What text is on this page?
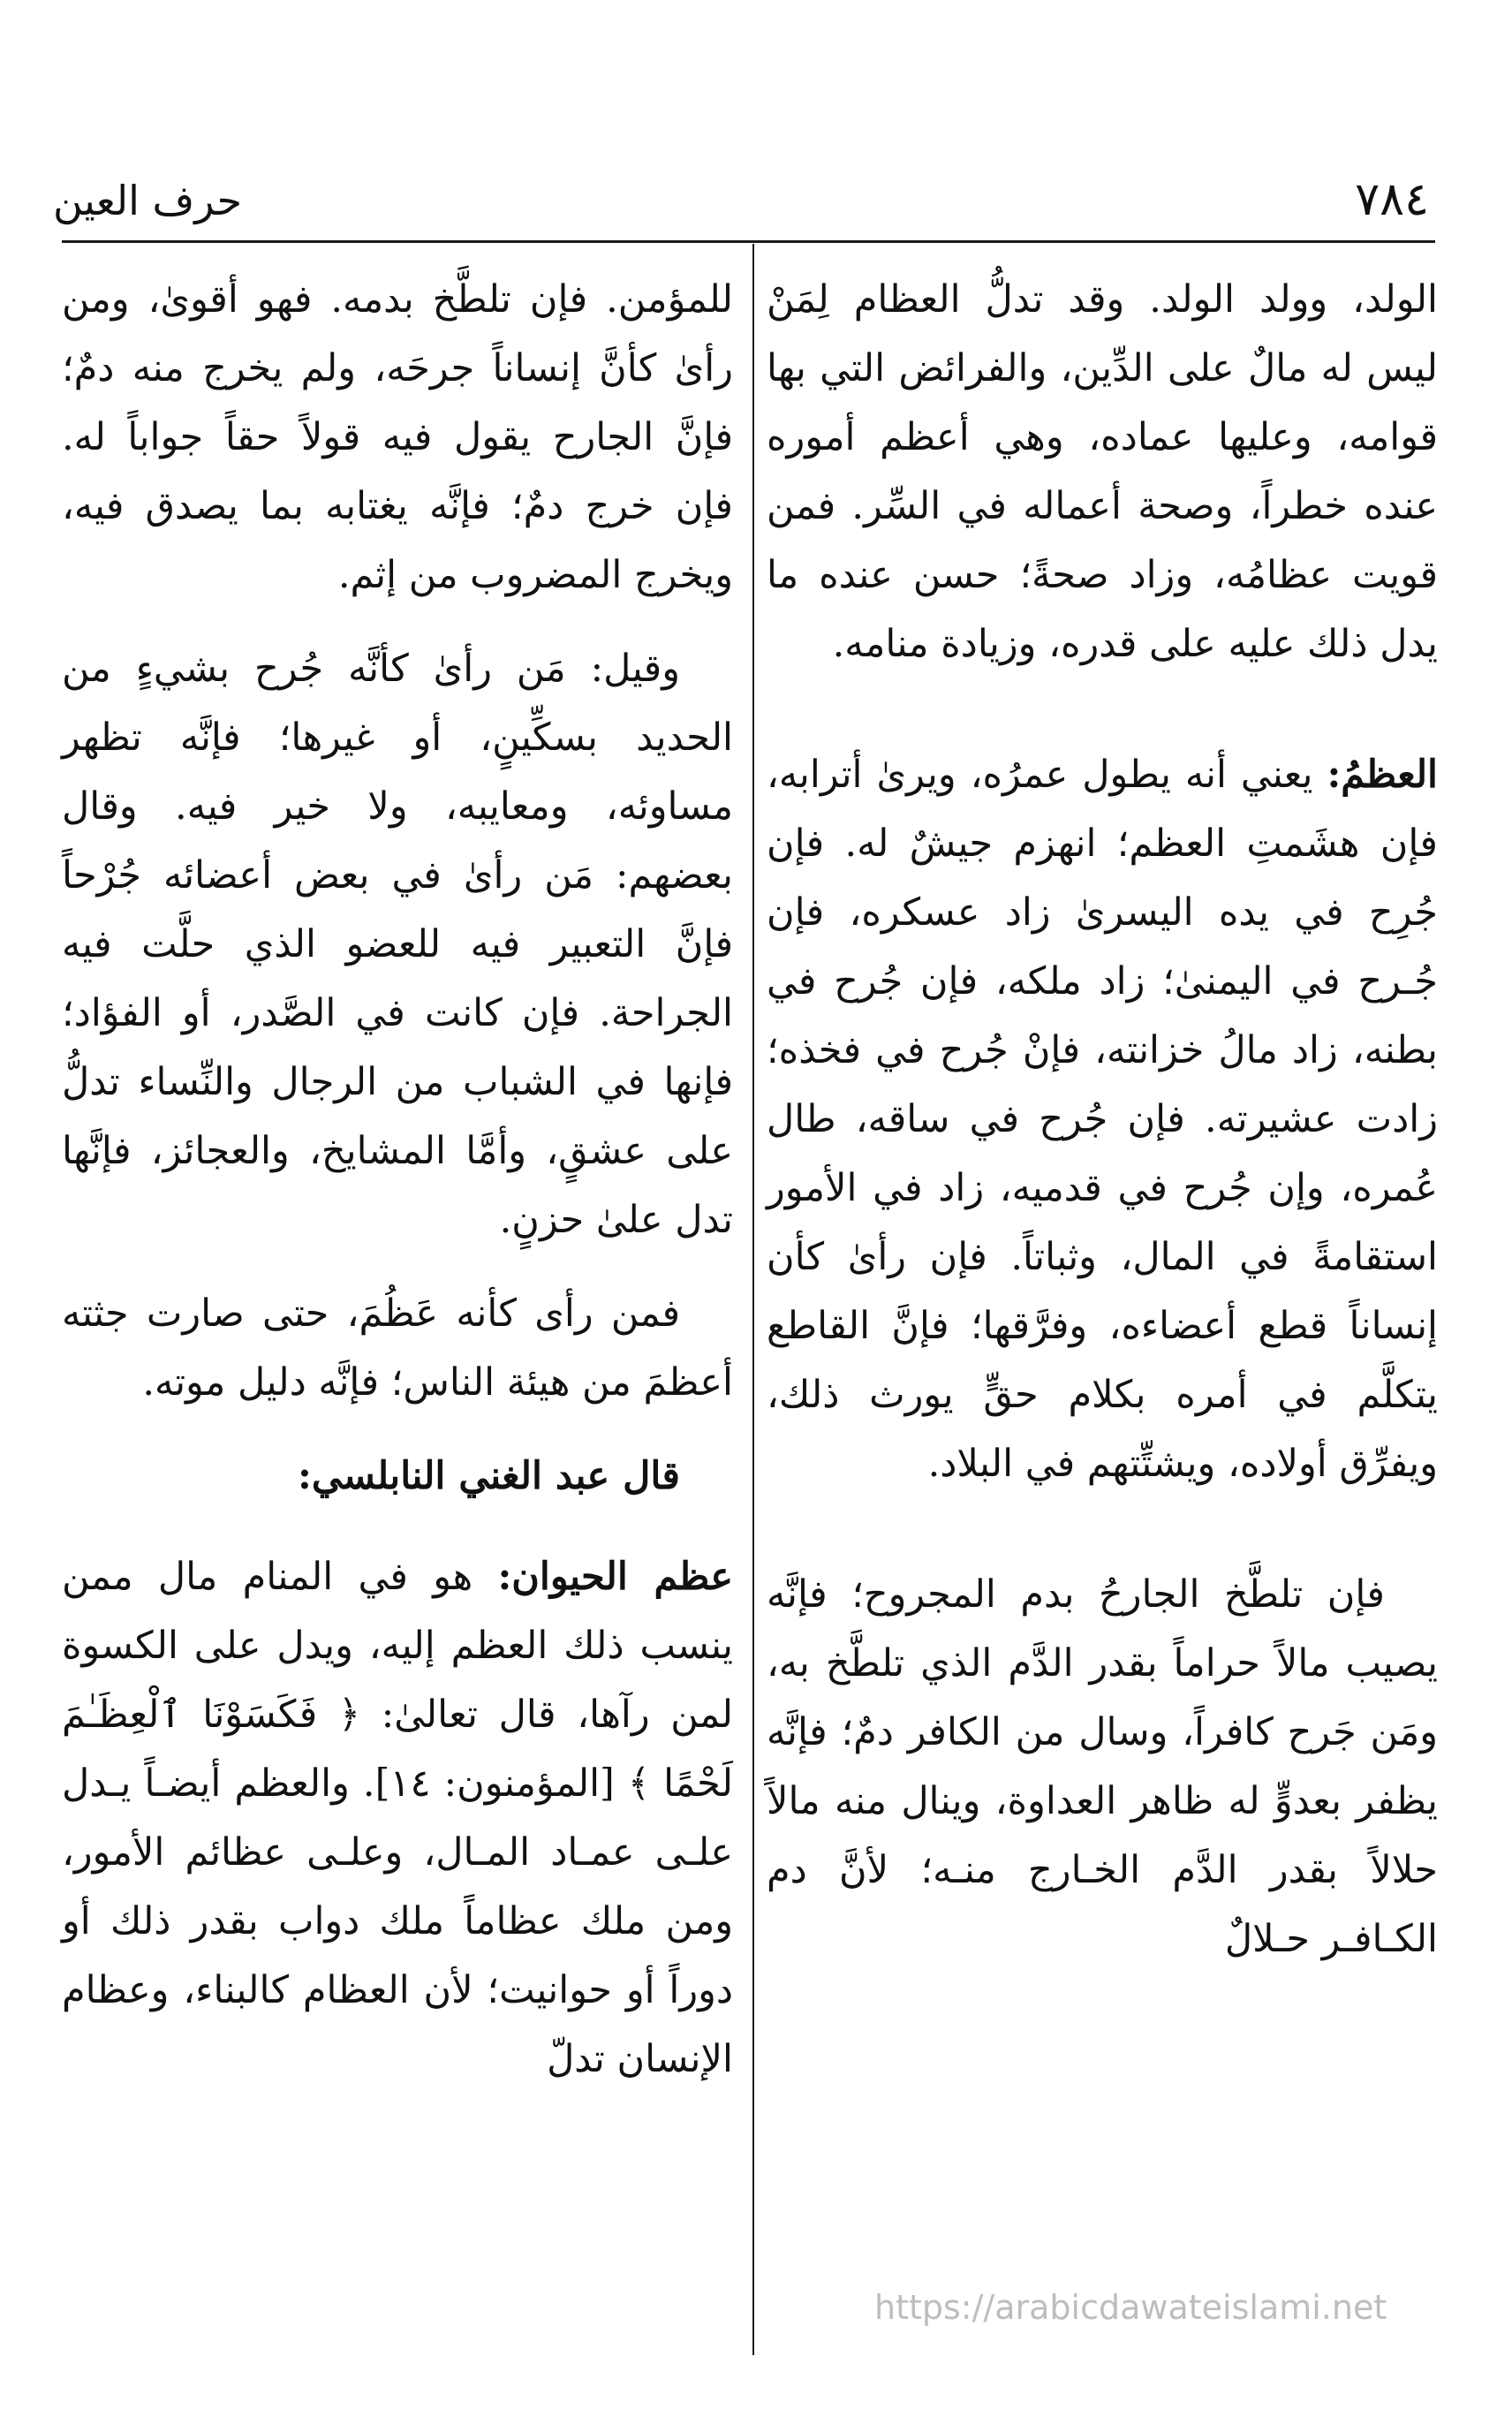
٧٨٤
حرف العين

الولد، وولد الولد. وقد تدلُّ العظام لِمَنْ ليس له مالٌ على الدِّين، والفرائض التي بها قوامه، وعليها عماده، وهي أعظم أموره عنده خطراً، وصحة أعماله في السِّر. فمن قويت عظامُه، وزاد صحةً؛ حسن عنده ما يدل ذلك عليه على قدره، وزيادة منامه.

العظمُ: يعني أنه يطول عمرُه، ويرىٰ أترابه، فإن هشَمتِ العظم؛ انهزم جيشٌ له. فإن جُرِح في يده اليسرىٰ زاد عسكره، فإن جُـرح في اليمنىٰ؛ زاد ملكه، فإن جُرح في بطنه، زاد مالُ خزانته، فإنْ جُرح في فخذه؛ زادت عشيرته. فإن جُرح في ساقه، طال عُمره، وإن جُرح في قدميه، زاد في الأمور استقامةً في المال، وثباتاً. فإن رأىٰ كأن إنساناً قطع أعضاءه، وفرَّقها؛ فإنَّ القاطع يتكلَّم في أمره بكلام حقٍّ يورث ذلك، ويفرِّق أولاده، ويشتِّتهم في البلاد.

فإن تلطَّخ الجارحُ بدم المجروح؛ فإنَّه يصيب مالاً حراماً بقدر الدَّم الذي تلطَّخ به، ومَن جَرح كافراً، وسال من الكافر دمٌ؛ فإنَّه يظفر بعدوٍّ له ظاهر العداوة، وينال منه مالاً حلالاً بقدر الدَّم الخـارج منـه؛ لأنَّ دم الكـافـر حـلالٌ

للمؤمن. فإن تلطَّخ بدمه. فهو أقوىٰ، ومن رأىٰ كأنَّ إنساناً جرحَه، ولم يخرج منه دمٌ؛ فإنَّ الجارح يقول فيه قولاً حقاً جواباً له. فإن خرج دمٌ؛ فإنَّه يغتابه بما يصدق فيه، ويخرج المضروب من إثم.

وقيل: مَن رأىٰ كأنَّه جُرح بشيءٍ من الحديد بسكِّينٍ، أو غيرها؛ فإنَّه تظهر مساوئه، ومعايبه، ولا خير فيه. وقال بعضهم: مَن رأىٰ في بعض أعضائه جُرْحاً فإنَّ التعبير فيه للعضو الذي حلَّت فيه الجراحة. فإن كانت في الصَّدر، أو الفؤاد؛ فإنها في الشباب من الرجال والنِّساء تدلُّ على عشقٍ، وأمَّا المشايخ، والعجائز، فإنَّها تدل علىٰ حزنٍ.

فمن رأى كأنه عَظُمَ، حتى صارت جثته أعظمَ من هيئة الناس؛ فإنَّه دليل موته.

قال عبد الغني النابلسي:

عظم الحيوان: هو في المنام مال ممن ينسب ذلك العظم إليه، ويدل على الكسوة لمن رآها، قال تعالىٰ: ﴿ فَكَسَوْنَا ٱلْعِظَـٰمَ لَحْمًا ﴾ [المؤمنون: ١٤]. والعظم أيضـاً يـدل علـى عمـاد المـال، وعلـى عظائم الأمور، ومن ملك عظاماً ملك دواب بقدر ذلك أو دوراً أو حوانيت؛ لأن العظام كالبناء، وعظام الإنسان تدلّ

https://arabicdawateislami.net
